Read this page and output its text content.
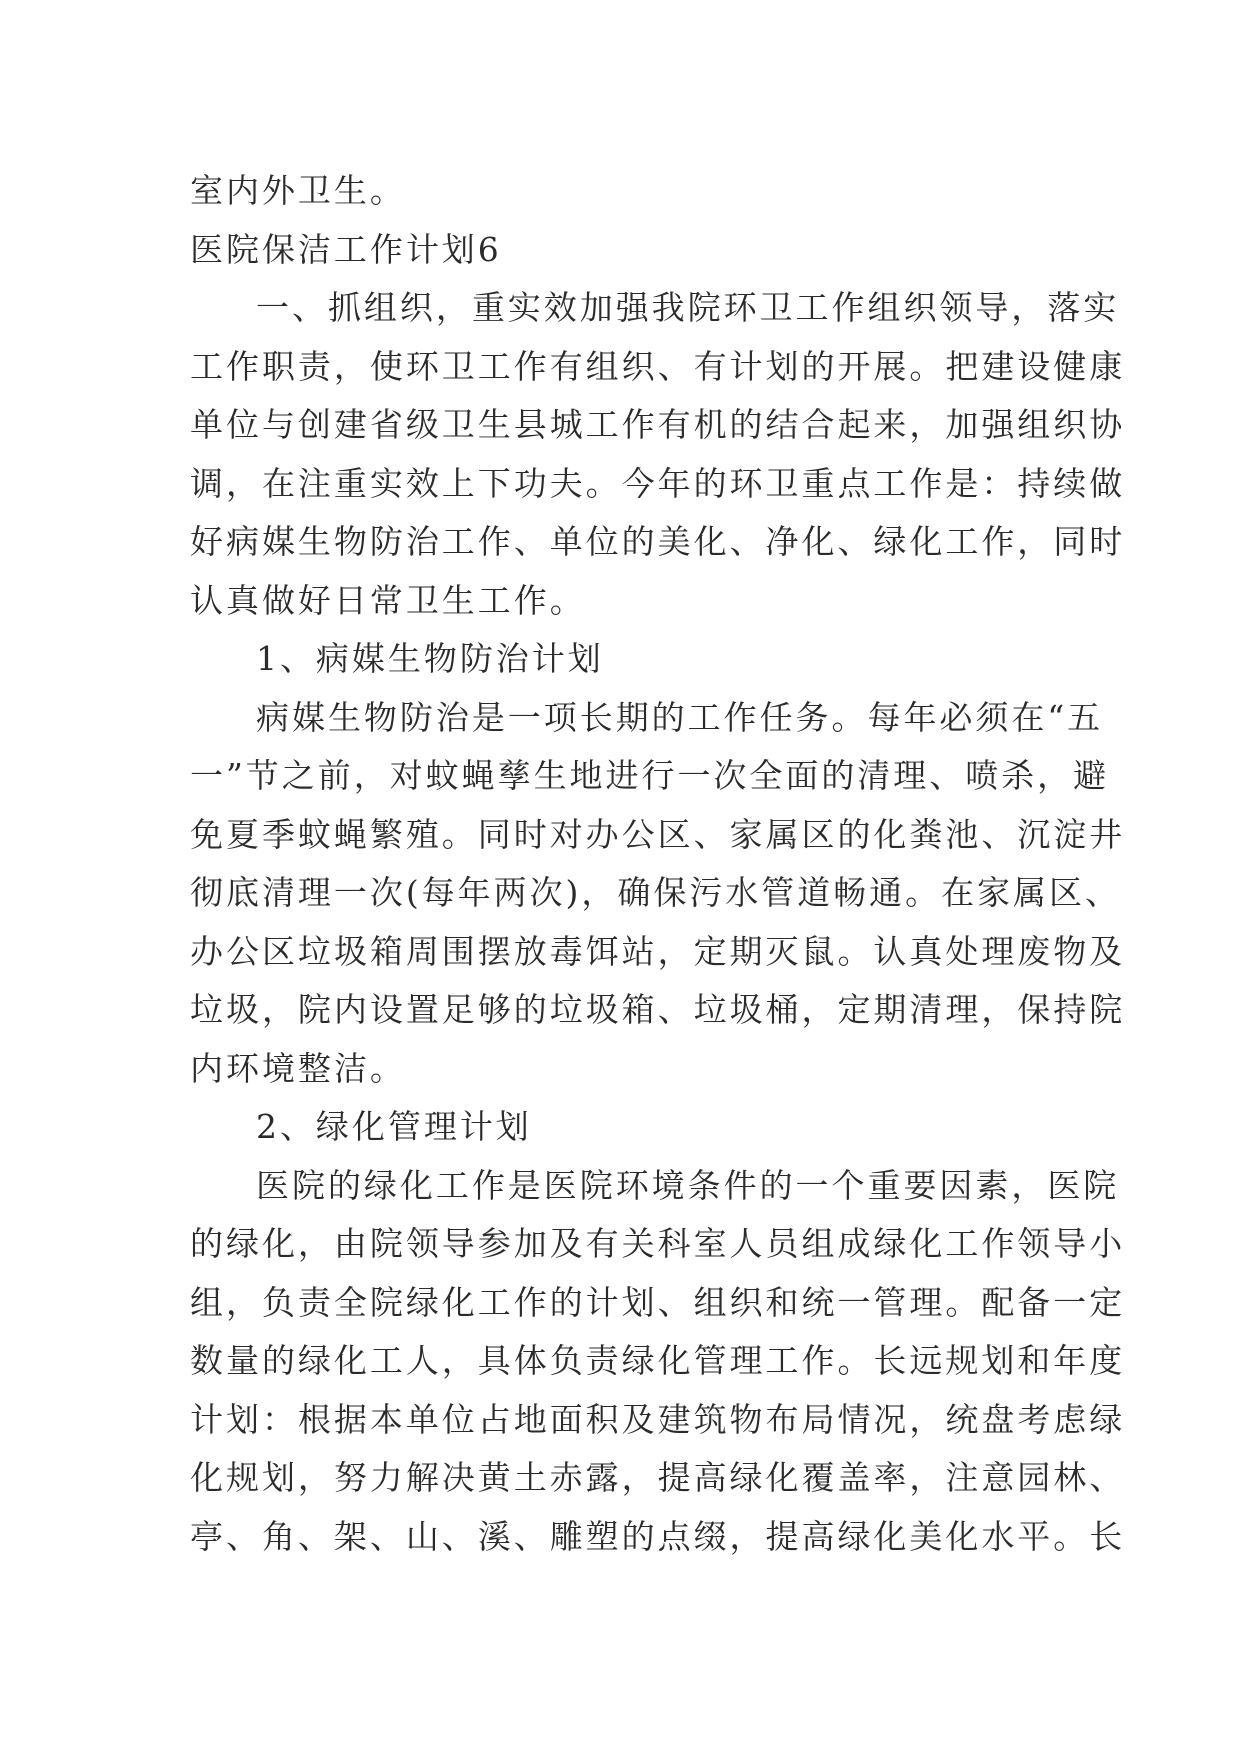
室内外卫生。
医院保洁工作计划6
一、抓组织，重实效加强我院环卫工作组织领导，落实
工作职责，使环卫工作有组织、有计划的开展。把建设健康
单位与创建省级卫生县城工作有机的结合起来，加强组织协
调，在注重实效上下功夫。今年的环卫重点工作是：持续做
好病媒生物防治工作、单位的美化、净化、绿化工作，同时
认真做好日常卫生工作。
1、病媒生物防治计划
病媒生物防治是一项长期的工作任务。每年必须在“五
一”节之前，对蚊蝇孳生地进行一次全面的清理、喷杀，避
免夏季蚊蝇繁殖。同时对办公区、家属区的化粪池、沉淀井
彻底清理一次(每年两次)，确保污水管道畅通。在家属区、
办公区垃圾箱周围摆放毒饵站，定期灭鼠。认真处理废物及
垃圾，院内设置足够的垃圾箱、垃圾桶，定期清理，保持院
内环境整洁。
2、绿化管理计划
医院的绿化工作是医院环境条件的一个重要因素，医院
的绿化，由院领导参加及有关科室人员组成绿化工作领导小
组，负责全院绿化工作的计划、组织和统一管理。配备一定
数量的绿化工人，具体负责绿化管理工作。长远规划和年度
计划：根据本单位占地面积及建筑物布局情况，统盘考虑绿
化规划，努力解决黄土赤露，提高绿化覆盖率，注意园林、
亭、角、架、山、溪、雕塑的点缀，提高绿化美化水平。长
